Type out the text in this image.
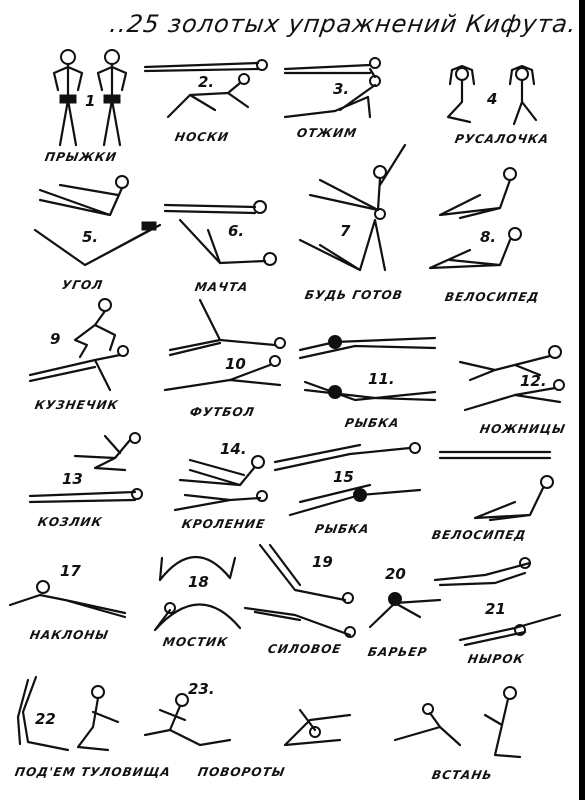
..25 золотых упражнений Кифута.
1
ПРЫЖКИ
2.
НОСКИ
3.
ОТЖИМ
4
РУСАЛОЧКА
5.
УГОЛ
6.
МАЧТА
7
БУДЬ ГОТОВ
8.
ВЕЛОСИПЕД
9
КУЗНЕЧИК
10
ФУТБОЛ
11.
РЫБКА
12.
НОЖНИЦЫ
13
КОЗЛИК
14.
КРОЛЕНИЕ
15
РЫБКА	ВЕЛОСИПЕД
17
НАКЛОНЫ
18
МОСТИК
19
СИЛОВОЕ
20
БАРЬЕР
21
НЫРОК
22
ПОД'ЕМ ТУЛОВИЩА
23.
ПОВОРОТЫ	ВСТАНЬ
